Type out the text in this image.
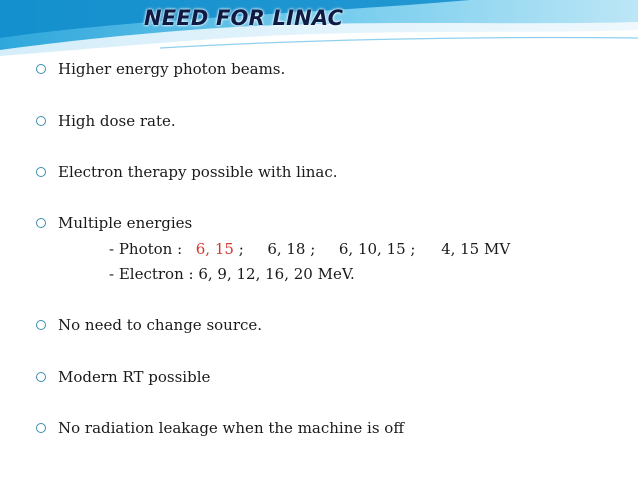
NEED FOR LINAC
Higher energy photon beams.
High dose rate.
Electron therapy possible with linac.
Multiple energies
- Photon : 6, 15 ; 6, 18 ; 6, 10, 15 ; 4, 15 MV
- Electron : 6, 9, 12, 16, 20 MeV.
No need to change source.
Modern RT possible
No radiation leakage when the machine is off
